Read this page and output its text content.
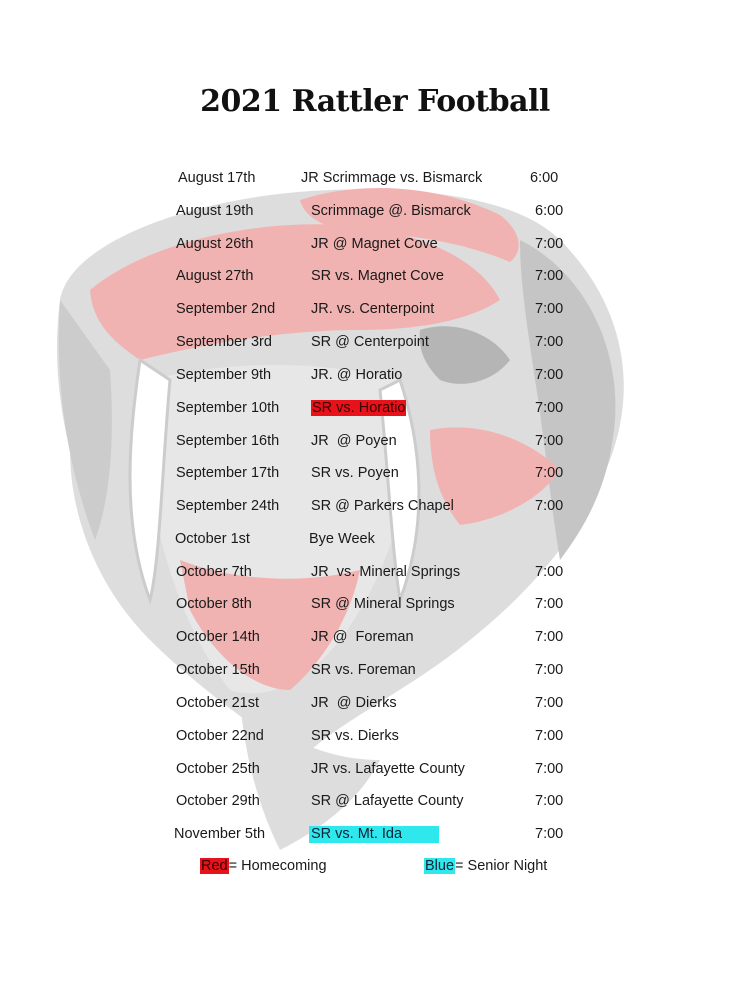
2021 Rattler Football
August 17th	JR Scrimmage vs. Bismarck	6:00
August 19th	Scrimmage @. Bismarck	6:00
August 26th	JR @ Magnet Cove	7:00
August 27th	SR vs. Magnet Cove	7:00
September 2nd JR. vs. Centerpoint	7:00
September 3rd	SR @ Centerpoint	7:00
September 9th	JR. @ Horatio	7:00
September 10th SR vs. Horatio	7:00
September 16th JR  @ Poyen	7:00
September 17th SR vs. Poyen	7:00
September 24th SR @ Parkers Chapel	7:00
October 1st	Bye Week
October 7th	JR  vs. Mineral Springs	7:00
October 8th	SR @ Mineral Springs	7:00
October 14th	JR @  Foreman	7:00
October 15th	SR vs. Foreman	7:00
October 21st	JR  @ Dierks	7:00
October 22nd	SR vs. Dierks	7:00
October 25th	JR vs. Lafayette County	7:00
October 29th	SR @ Lafayette County	7:00
November 5th	SR vs. Mt. Ida	7:00
Red= Homecoming	Blue= Senior Night
